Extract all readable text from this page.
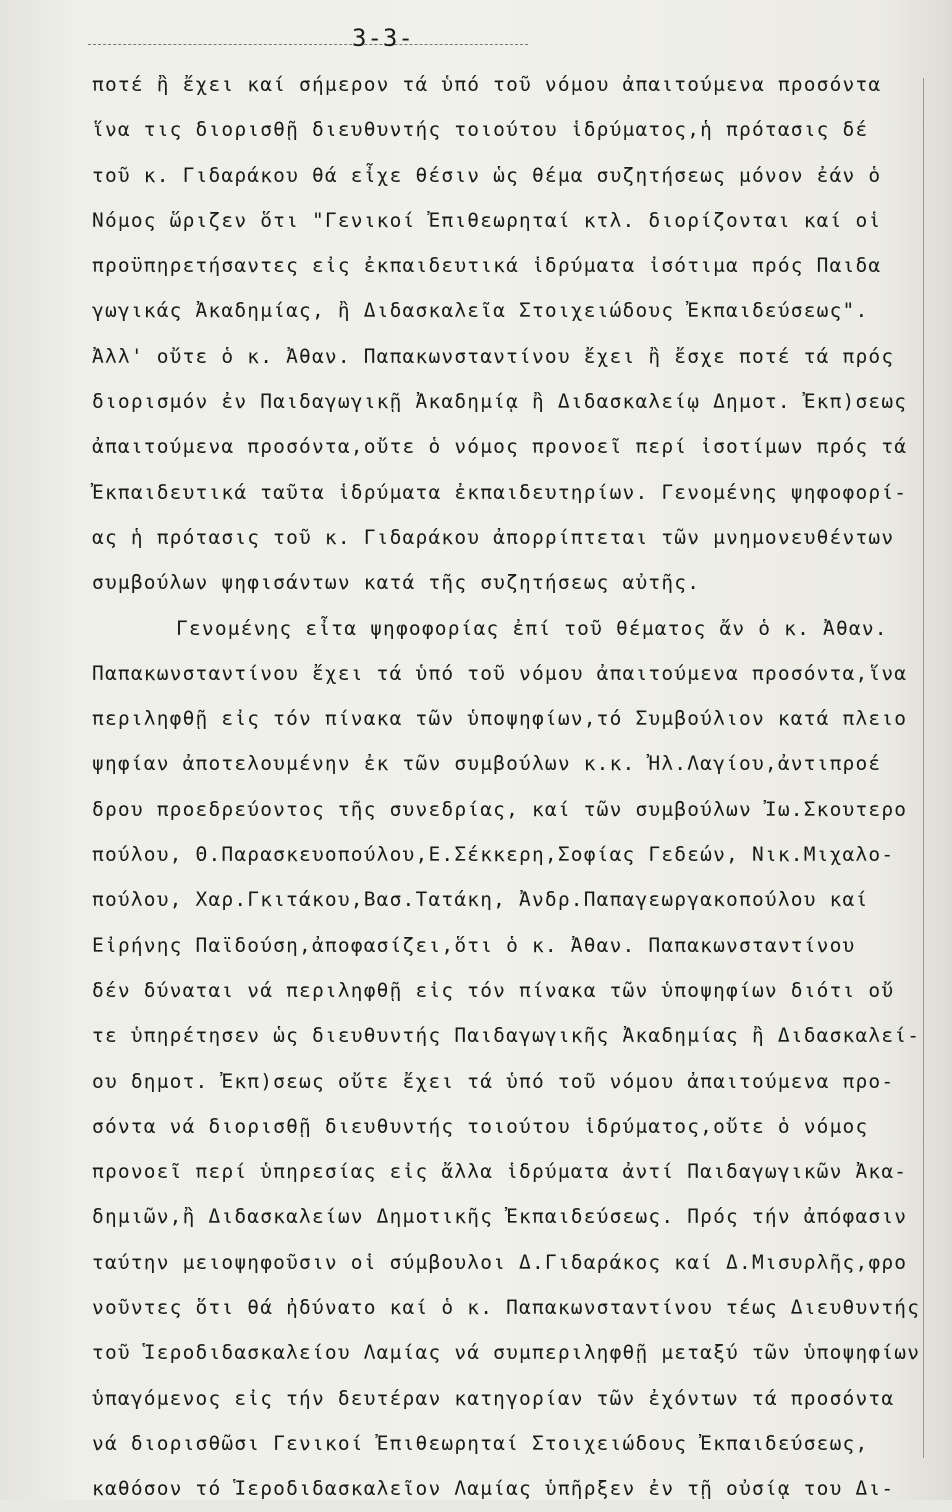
3-3-
ποτέ ἢ ἔχει καί σήμερον τά ὑπό τοῦ νόμου ἀπαιτούμενα προσόντα
ἵνα τις διορισθῇ διευθυντής τοιούτου ἱδρύματος,ἡ πρότασις δέ
τοῦ κ. Γιδαράκου θά εἶχε θέσιν ὡς θέμα συζητήσεως μόνον ἐάν ὁ
Νόμος ὥριζεν ὅτι "Γενικοί Ἐπιθεωρηταί κτλ. διορίζονται καί οἱ
προϋπηρετήσαντες εἰς ἐκπαιδευτικά ἱδρύματα ἰσότιμα πρός Παιδα
γωγικάς Ἀκαδημίας, ἢ Διδασκαλεῖα Στοιχειώδους Ἐκπαιδεύσεως".
Ἀλλ' οὔτε ὁ κ. Ἀθαν. Παπακωνσταντίνου ἔχει ἢ ἔσχε ποτέ τά πρός
διορισμόν ἐν Παιδαγωγικῇ Ἀκαδημίᾳ ἢ Διδασκαλείῳ Δημοτ. Ἐκπ)σεως
ἀπαιτούμενα προσόντα,οὔτε ὁ νόμος προνοεῖ περί ἰσοτίμων πρός τά
Ἐκπαιδευτικά ταῦτα ἱδρύματα ἐκπαιδευτηρίων. Γενομένης ψηφοφορί-
ας ἡ πρότασις τοῦ κ. Γιδαράκου ἀπορρίπτεται τῶν μνημονευθέντων
συμβούλων ψηφισάντων κατά τῆς συζητήσεως αὐτῆς.
Γενομένης εἶτα ψηφοφορίας ἐπί τοῦ θέματος ἄν ὁ κ. Ἀθαν.
Παπακωνσταντίνου ἔχει τά ὑπό τοῦ νόμου ἀπαιτούμενα προσόντα,ἵνα
περιληφθῇ εἰς τόν πίνακα τῶν ὑποψηφίων,τό Συμβούλιον κατά πλειο
ψηφίαν ἀποτελουμένην ἐκ τῶν συμβούλων κ.κ. Ἠλ.Λαγίου,ἀντιπροέ
δρου προεδρεύοντος τῆς συνεδρίας, καί τῶν συμβούλων Ἰω.Σκουτερο
πούλου, Θ.Παρασκευοπούλου,Ε.Σέκκερη,Σοφίας Γεδεών, Νικ.Μιχαλο-
πούλου, Χαρ.Γκιτάκου,Βασ.Τατάκη, Ἀνδρ.Παπαγεωργακοπούλου καί
Εἰρήνης Παϊδούση,ἀποφασίζει,ὅτι ὁ κ. Ἀθαν. Παπακωνσταντίνου
δέν δύναται νά περιληφθῇ εἰς τόν πίνακα τῶν ὑποψηφίων διότι οὔ
τε ὑπηρέτησεν ὡς διευθυντής Παιδαγωγικῆς Ἀκαδημίας ἢ Διδασκαλεί-
ου δημοτ. Ἐκπ)σεως οὔτε ἔχει τά ὑπό τοῦ νόμου ἀπαιτούμενα προ-
σόντα νά διορισθῇ διευθυντής τοιούτου ἱδρύματος,οὔτε ὁ νόμος
προνοεῖ περί ὑπηρεσίας εἰς ἄλλα ἱδρύματα ἀντί Παιδαγωγικῶν Ἀκα-
δημιῶν,ἢ Διδασκαλείων Δημοτικῆς Ἐκπαιδεύσεως. Πρός τήν ἀπόφασιν
ταύτην μειοψηφοῦσιν οἱ σύμβουλοι Δ.Γιδαράκος καί Δ.Μισυρλῆς,φρο
νοῦντες ὅτι θά ἠδύνατο καί ὁ κ. Παπακωνσταντίνου τέως Διευθυντής
τοῦ Ἱεροδιδασκαλείου Λαμίας νά συμπεριληφθῇ μεταξύ τῶν ὑποψηφίων
ὑπαγόμενος εἰς τήν δευτέραν κατηγορίαν τῶν ἐχόντων τά προσόντα
νά διορισθῶσι Γενικοί Ἐπιθεωρηταί Στοιχειώδους Ἐκπαιδεύσεως,
καθόσον τό Ἱεροδιδασκαλεῖον Λαμίας ὑπῆρξεν ἐν τῇ οὐσίᾳ του Δι-
